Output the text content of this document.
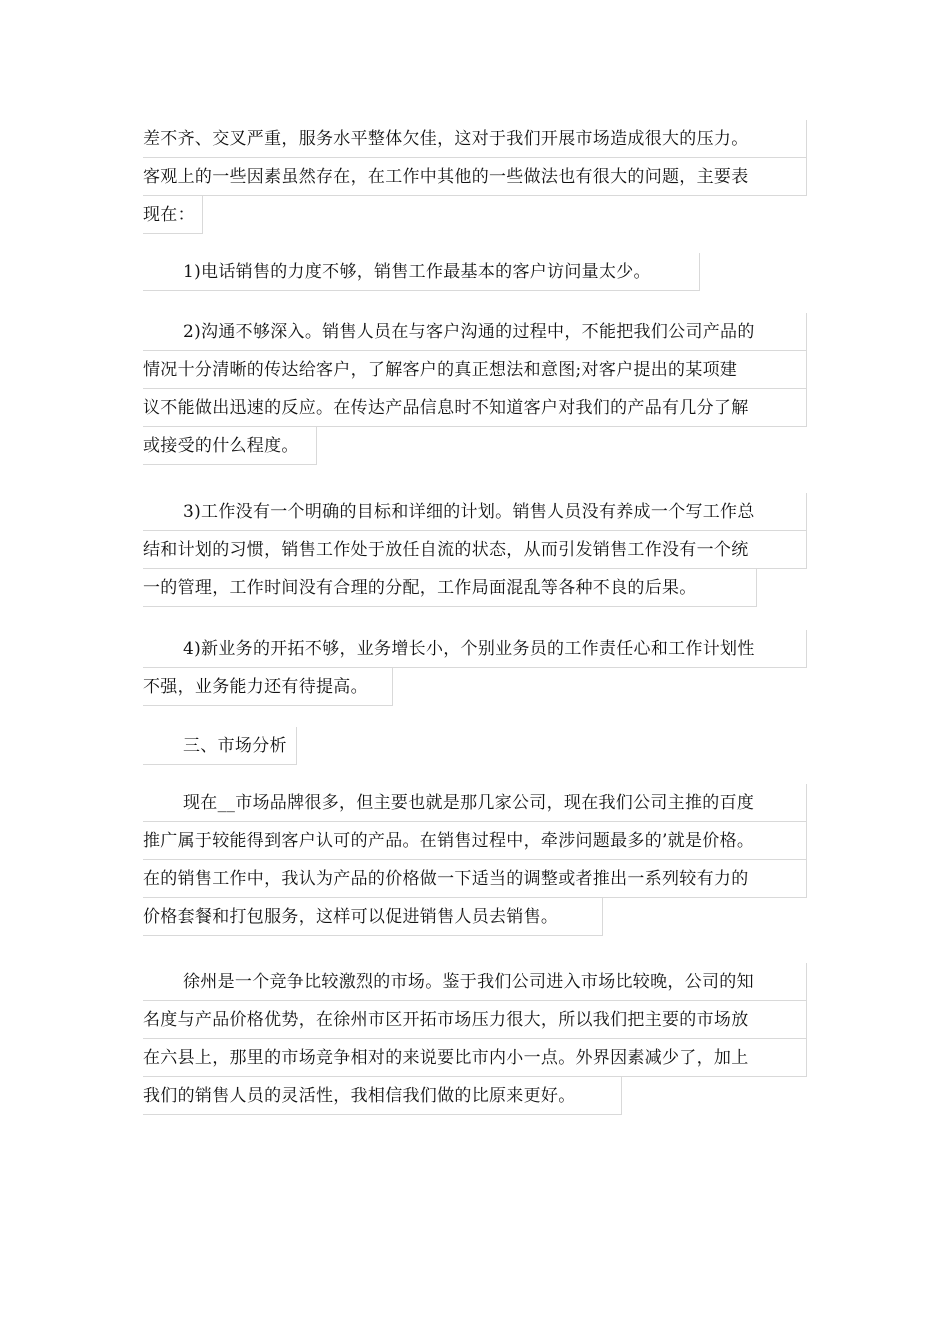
差不齐、交叉严重，服务水平整体欠佳，这对于我们开展市场造成很大的压力。
客观上的一些因素虽然存在，在工作中其他的一些做法也有很大的问题，主要表
现在：
1)电话销售的力度不够，销售工作最基本的客户访问量太少。
2)沟通不够深入。销售人员在与客户沟通的过程中，不能把我们公司产品的
情况十分清晰的传达给客户，了解客户的真正想法和意图;对客户提出的某项建
议不能做出迅速的反应。在传达产品信息时不知道客户对我们的产品有几分了解
或接受的什么程度。
3)工作没有一个明确的目标和详细的计划。销售人员没有养成一个写工作总
结和计划的习惯，销售工作处于放任自流的状态，从而引发销售工作没有一个统
一的管理，工作时间没有合理的分配，工作局面混乱等各种不良的后果。
4)新业务的开拓不够，业务增长小，个别业务员的工作责任心和工作计划性
不强，业务能力还有待提高。
三、市场分析
现在__市场品牌很多，但主要也就是那几家公司，现在我们公司主推的百度
推广属于较能得到客户认可的产品。在销售过程中，牵涉问题最多的’就是价格。
在的销售工作中，我认为产品的价格做一下适当的调整或者推出一系列较有力的
价格套餐和打包服务，这样可以促进销售人员去销售。
徐州是一个竞争比较激烈的市场。鉴于我们公司进入市场比较晚，公司的知
名度与产品价格优势，在徐州市区开拓市场压力很大，所以我们把主要的市场放
在六县上，那里的市场竞争相对的来说要比市内小一点。外界因素减少了，加上
我们的销售人员的灵活性，我相信我们做的比原来更好。
